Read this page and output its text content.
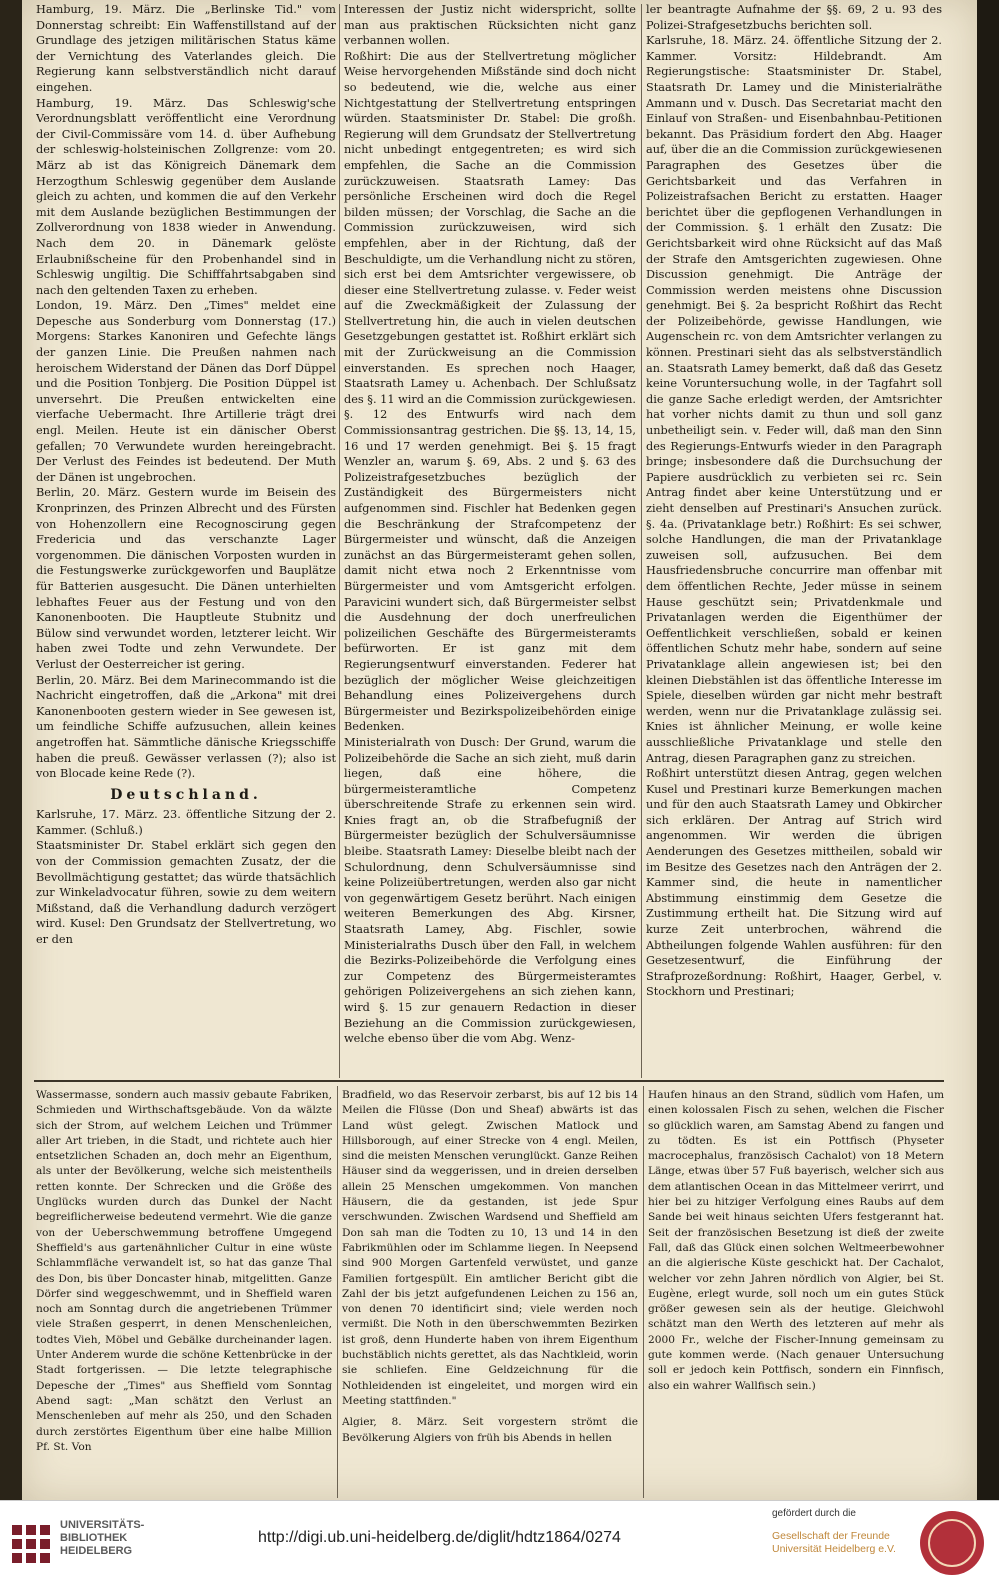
Hamburg, 19. März. Die „Berlinske Tid." vom Donnerstag schreibt: Ein Waffenstillstand auf der Grundlage des jetzigen militärischen Status käme der Vernichtung des Vaterlandes gleich. Die Regierung kann selbstverständlich nicht darauf eingehen.

Hamburg, 19. März. Das Schleswig'sche Verordnungsblatt veröffentlicht eine Verordnung der Civil-Commissäre vom 14. d. über Aufhebung der schleswig-holsteinischen Zollgrenze: vom 20. März ab ist das Königreich Dänemark dem Herzogthum Schleswig gegenüber dem Auslande gleich zu achten, und kommen die auf den Verkehr mit dem Auslande bezüglichen Bestimmungen der Zollverordnung von 1838 wieder in Anwendung. Nach dem 20. in Dänemark gelöste Erlaubnißscheine für den Probenhandel sind in Schleswig ungiltig. Die Schifffahrtsabgaben sind nach den geltenden Taxen zu erheben.

London, 19. März. Den „Times" meldet eine Depesche aus Sonderburg vom Donnerstag (17.) Morgens: Starkes Kanoniren und Gefechte längs der ganzen Linie. Die Preußen nahmen nach heroischem Widerstand der Dänen das Dorf Düppel und die Position Tonbjerg. Die Position Düppel ist unversehrt. Die Preußen entwickelten eine vierfache Uebermacht. Ihre Artillerie trägt drei engl. Meilen. Heute ist ein dänischer Oberst gefallen; 70 Verwundete wurden hereingebracht. Der Verlust des Feindes ist bedeutend. Der Muth der Dänen ist ungebrochen.

Berlin, 20. März. Gestern wurde im Beisein des Kronprinzen, des Prinzen Albrecht und des Fürsten von Hohenzollern eine Recognoscirung gegen Fredericia und das verschanzte Lager vorgenommen. Die dänischen Vorposten wurden in die Festungswerke zurückgeworfen und Bauplätze für Batterien ausgesucht. Die Dänen unterhielten lebhaftes Feuer aus der Festung und von den Kanonenbooten. Die Hauptleute Stubnitz und Bülow sind verwundet worden, letzterer leicht. Wir haben zwei Todte und zehn Verwundete. Der Verlust der Oesterreicher ist gering.

Berlin, 20. März. Bei dem Marinecommando ist die Nachricht eingetroffen, daß die „Arkona" mit drei Kanonenbooten gestern wieder in See gewesen ist, um feindliche Schiffe aufzusuchen, allein keines angetroffen hat. Sämmtliche dänische Kriegsschiffe haben die preuß. Gewässer verlassen (?); also ist von Blocade keine Rede (?).

Deutschland.

Karlsruhe, 17. März. 23. öffentliche Sitzung der 2. Kammer. (Schluß.)

Staatsminister Dr. Stabel erklärt sich gegen den von der Commission gemachten Zusatz, der die Bevollmächtigung gestattet; das würde thatsächlich zur Winkeladvocatur führen, sowie zu dem weitern Mißstand, daß die Verhandlung dadurch verzögert wird. Kusel: Den Grundsatz der Stellvertretung, wo er den

Interessen der Justiz nicht widerspricht, sollte man aus praktischen Rücksichten nicht ganz verbannen wollen.

Roßhirt: Die aus der Stellvertretung möglicher Weise hervorgehenden Mißstände sind doch nicht so bedeutend, wie die, welche aus einer Nichtgestattung der Stellvertretung entspringen würden. Staatsminister Dr. Stabel: Die großh. Regierung will dem Grundsatz der Stellvertretung nicht unbedingt entgegentreten; es wird sich empfehlen, die Sache an die Commission zurückzuweisen. Staatsrath Lamey: Das persönliche Erscheinen wird doch die Regel bilden müssen; der Vorschlag, die Sache an die Commission zurückzuweisen, wird sich empfehlen, aber in der Richtung, daß der Beschuldigte, um die Verhandlung nicht zu stören, sich erst bei dem Amtsrichter vergewissere, ob dieser eine Stellvertretung zulasse. v. Feder weist auf die Zweckmäßigkeit der Zulassung der Stellvertretung hin, die auch in vielen deutschen Gesetzgebungen gestattet ist. Roßhirt erklärt sich mit der Zurückweisung an die Commission einverstanden. Es sprechen noch Haager, Staatsrath Lamey u. Achenbach. Der Schlußsatz des §. 11 wird an die Commission zurückgewiesen. §. 12 des Entwurfs wird nach dem Commissionsantrag gestrichen. Die §§. 13, 14, 15, 16 und 17 werden genehmigt. Bei §. 15 fragt Wenzler an, warum §. 69, Abs. 2 und §. 63 des Polizeistrafgesetzbuches bezüglich der Zuständigkeit des Bürgermeisters nicht aufgenommen sind. Fischler hat Bedenken gegen die Beschränkung der Strafcompetenz der Bürgermeister und wünscht, daß die Anzeigen zunächst an das Bürgermeisteramt gehen sollen, damit nicht etwa noch 2 Erkenntnisse vom Bürgermeister und vom Amtsgericht erfolgen. Paravicini wundert sich, daß Bürgermeister selbst die Ausdehnung der doch unerfreulichen polizeilichen Geschäfte des Bürgermeisteramts befürworten. Er ist ganz mit dem Regierungsentwurf einverstanden. Federer hat bezüglich der möglicher Weise gleichzeitigen Behandlung eines Polizeivergehens durch Bürgermeister und Bezirkspolizeibehörden einige Bedenken.

Ministerialrath von Dusch: Der Grund, warum die Polizeibehörde die Sache an sich zieht, muß darin liegen, daß eine höhere, die bürgermeisteramtliche Competenz überschreitende Strafe zu erkennen sein wird. Knies fragt an, ob die Strafbefugniß der Bürgermeister bezüglich der Schulversäumnisse bleibe. Staatsrath Lamey: Dieselbe bleibt nach der Schulordnung, denn Schulversäumnisse sind keine Polizeiübertretungen, werden also gar nicht von gegenwärtigem Gesetz berührt. Nach einigen weiteren Bemerkungen des Abg. Kirsner, Staatsrath Lamey, Abg. Fischler, sowie Ministerialraths Dusch über den Fall, in welchem die Bezirks-Polizeibehörde die Verfolgung eines zur Competenz des Bürgermeisteramtes gehörigen Polizeivergehens an sich ziehen kann, wird §. 15 zur genauern Redaction in dieser Beziehung an die Commission zurückgewiesen, welche ebenso über die vom Abg. Wenz-

ler beantragte Aufnahme der §§. 69, 2 u. 93 des Polizei-Strafgesetzbuchs berichten soll.

Karlsruhe, 18. März. 24. öffentliche Sitzung der 2. Kammer. Vorsitz: Hildebrandt. Am Regierungstische: Staatsminister Dr. Stabel, Staatsrath Dr. Lamey und die Ministerialräthe Ammann und v. Dusch. Das Secretariat macht den Einlauf von Straßen- und Eisenbahnbau-Petitionen bekannt. Das Präsidium fordert den Abg. Haager auf, über die an die Commission zurückgewiesenen Paragraphen des Gesetzes über die Gerichtsbarkeit und das Verfahren in Polizeistrafsachen Bericht zu erstatten. Haager berichtet über die gepflogenen Verhandlungen in der Commission. §. 1 erhält den Zusatz: Die Gerichtsbarkeit wird ohne Rücksicht auf das Maß der Strafe den Amtsgerichten zugewiesen. Ohne Discussion genehmigt. Die Anträge der Commission werden meistens ohne Discussion genehmigt. Bei §. 2a bespricht Roßhirt das Recht der Polizeibehörde, gewisse Handlungen, wie Augenschein rc. von dem Amtsrichter verlangen zu können. Prestinari sieht das als selbstverständlich an. Staatsrath Lamey bemerkt, daß daß das Gesetz keine Voruntersuchung wolle, in der Tagfahrt soll die ganze Sache erledigt werden, der Amtsrichter hat vorher nichts damit zu thun und soll ganz unbetheiligt sein. v. Feder will, daß man den Sinn des Regierungs-Entwurfs wieder in den Paragraph bringe; insbesondere daß die Durchsuchung der Papiere ausdrücklich zu verbieten sei rc. Sein Antrag findet aber keine Unterstützung und er zieht denselben auf Prestinari's Ansuchen zurück. §. 4a. (Privatanklage betr.) Roßhirt: Es sei schwer, solche Handlungen, die man der Privatanklage zuweisen soll, aufzusuchen. Bei dem Hausfriedensbruche concurrire man offenbar mit dem öffentlichen Rechte, Jeder müsse in seinem Hause geschützt sein; Privatdenkmale und Privatanlagen werden die Eigenthümer der Oeffentlichkeit verschließen, sobald er keinen öffentlichen Schutz mehr habe, sondern auf seine Privatanklage allein angewiesen ist; bei den kleinen Diebstählen ist das öffentliche Interesse im Spiele, dieselben würden gar nicht mehr bestraft werden, wenn nur die Privatanklage zulässig sei. Knies ist ähnlicher Meinung, er wolle keine ausschließliche Privatanklage und stelle den Antrag, diesen Paragraphen ganz zu streichen.

Roßhirt unterstützt diesen Antrag, gegen welchen Kusel und Prestinari kurze Bemerkungen machen und für den auch Staatsrath Lamey und Obkircher sich erklären. Der Antrag auf Strich wird angenommen. Wir werden die übrigen Aenderungen des Gesetzes mittheilen, sobald wir im Besitze des Gesetzes nach den Anträgen der 2. Kammer sind, die heute in namentlicher Abstimmung einstimmig dem Gesetze die Zustimmung ertheilt hat. Die Sitzung wird auf kurze Zeit unterbrochen, während die Abtheilungen folgende Wahlen ausführen: für den Gesetzesentwurf, die Einführung der Strafprozeßordnung: Roßhirt, Haager, Gerbel, v. Stockhorn und Prestinari;

Wassermasse, sondern auch massiv gebaute Fabriken, Schmieden und Wirthschaftsgebäude. Von da wälzte sich der Strom, auf welchem Leichen und Trümmer aller Art trieben, in die Stadt, und richtete auch hier entsetzlichen Schaden an, doch mehr an Eigenthum, als unter der Bevölkerung, welche sich meistentheils retten konnte. Der Schrecken und die Größe des Unglücks wurden durch das Dunkel der Nacht begreiflicherweise bedeutend vermehrt. Wie die ganze von der Ueberschwemmung betroffene Umgegend Sheffield's aus gartenähnlicher Cultur in eine wüste Schlammfläche verwandelt ist, so hat das ganze Thal des Don, bis über Doncaster hinab, mitgelitten. Ganze Dörfer sind weggeschwemmt, und in Sheffield waren noch am Sonntag durch die angetriebenen Trümmer viele Straßen gesperrt, in denen Menschenleichen, todtes Vieh, Möbel und Gebälke durcheinander lagen. Unter Anderem wurde die schöne Kettenbrücke in der Stadt fortgerissen. — Die letzte telegraphische Depesche der „Times" aus Sheffield vom Sonntag Abend sagt: „Man schätzt den Verlust an Menschenleben auf mehr als 250, und den Schaden durch zerstörtes Eigenthum über eine halbe Million Pf. St. Von

Bradfield, wo das Reservoir zerbarst, bis auf 12 bis 14 Meilen die Flüsse (Don und Sheaf) abwärts ist das Land wüst gelegt. Zwischen Matlock und Hillsborough, auf einer Strecke von 4 engl. Meilen, sind die meisten Menschen verunglückt. Ganze Reihen Häuser sind da weggerissen, und in dreien derselben allein 25 Menschen umgekommen. Von manchen Häusern, die da gestanden, ist jede Spur verschwunden. Zwischen Wardsend und Sheffield am Don sah man die Todten zu 10, 13 und 14 in den Fabrikmühlen oder im Schlamme liegen. In Neepsend sind 900 Morgen Gartenfeld verwüstet, und ganze Familien fortgespült. Ein amtlicher Bericht gibt die Zahl der bis jetzt aufgefundenen Leichen zu 156 an, von denen 70 identificirt sind; viele werden noch vermißt. Die Noth in den überschwemmten Bezirken ist groß, denn Hunderte haben von ihrem Eigenthum buchstäblich nichts gerettet, als das Nachtkleid, worin sie schliefen. Eine Geldzeichnung für die Nothleidenden ist eingeleitet, und morgen wird ein Meeting stattfinden."

Algier, 8. März. Seit vorgestern strömt die Bevölkerung Algiers von früh bis Abends in hellen

Haufen hinaus an den Strand, südlich vom Hafen, um einen kolossalen Fisch zu sehen, welchen die Fischer so glücklich waren, am Samstag Abend zu fangen und zu tödten. Es ist ein Pottfisch (Physeter macrocephalus, französisch Cachalot) von 18 Metern Länge, etwas über 57 Fuß bayerisch, welcher sich aus dem atlantischen Ocean in das Mittelmeer verirrt, und hier bei zu hitziger Verfolgung eines Raubs auf dem Sande bei weit hinaus seichten Ufers festgerannt hat. Seit der französischen Besetzung ist dieß der zweite Fall, daß das Glück einen solchen Weltmeerbewohner an die algierische Küste geschickt hat. Der Cachalot, welcher vor zehn Jahren nördlich von Algier, bei St. Eugène, erlegt wurde, soll noch um ein gutes Stück größer gewesen sein als der heutige. Gleichwohl schätzt man den Werth des letzteren auf mehr als 2000 Fr., welche der Fischer-Innung gemeinsam zu gute kommen werde. (Nach genauer Untersuchung soll er jedoch kein Pottfisch, sondern ein Finnfisch, also ein wahrer Wallfisch sein.)

UNIVERSITÄTS-
BIBLIOTHEK
HEIDELBERG
http://digi.ub.uni-heidelberg.de/diglit/hdtz1864/0274
gefördert durch die
Gesellschaft der Freunde
Universität Heidelberg e.V.
